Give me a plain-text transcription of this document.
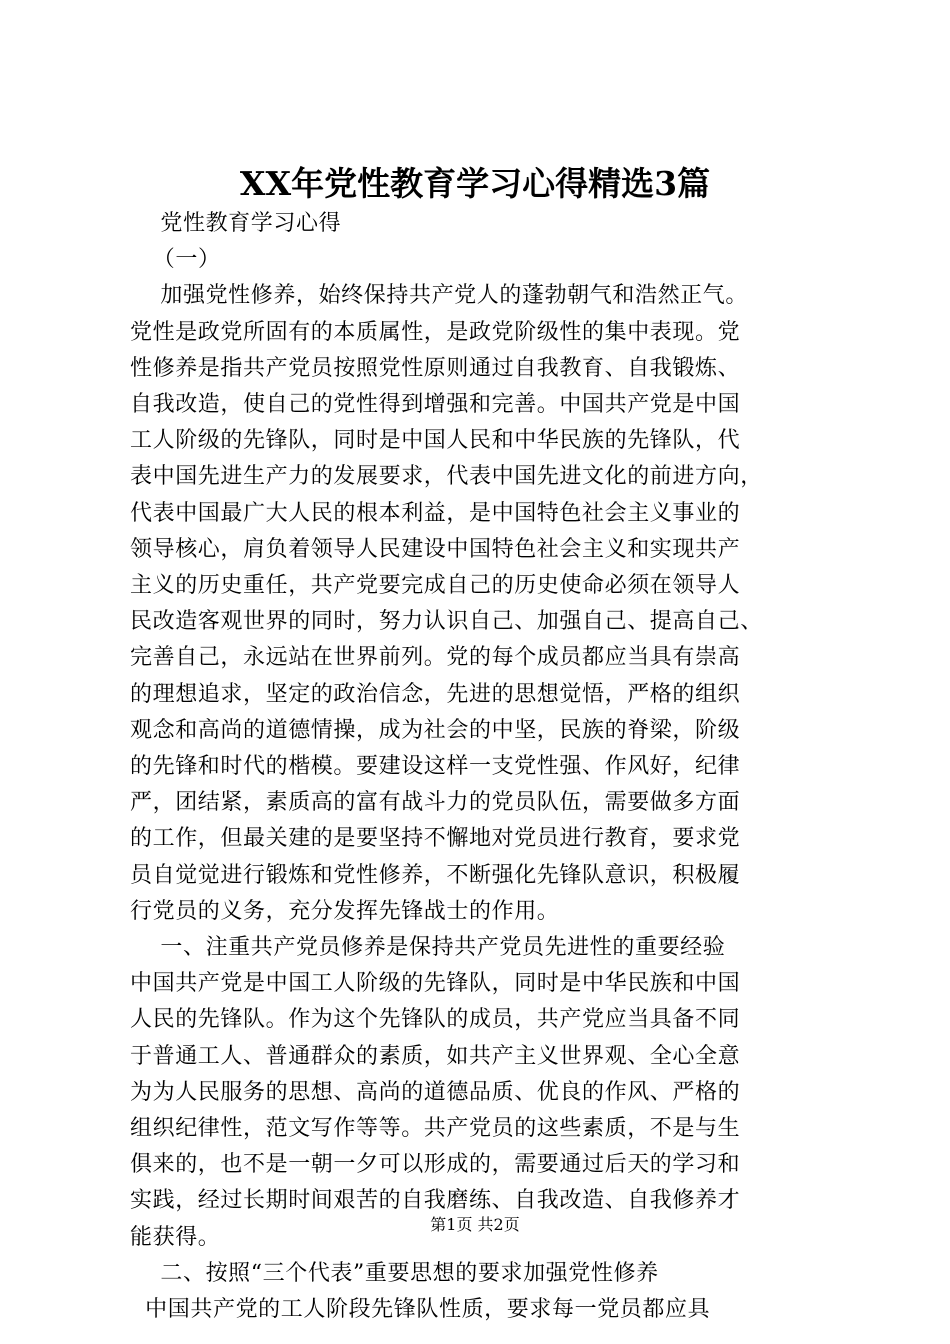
XX年党性教育学习心得精选3篇

党性教育学习心得

（一）

加强党性修养，始终保持共产党人的蓬勃朝气和浩然正气。

党性是政党所固有的本质属性，是政党阶级性的集中表现。党

性修养是指共产党员按照党性原则通过自我教育、自我锻炼、

自我改造，使自己的党性得到增强和完善。中国共产党是中国

工人阶级的先锋队，同时是中国人民和中华民族的先锋队，代

表中国先进生产力的发展要求，代表中国先进文化的前进方向，

代表中国最广大人民的根本利益，是中国特色社会主义事业的

领导核心，肩负着领导人民建设中国特色社会主义和实现共产

主义的历史重任，共产党要完成自己的历史使命必须在领导人

民改造客观世界的同时，努力认识自己、加强自己、提高自己、

完善自己，永远站在世界前列。党的每个成员都应当具有崇高

的理想追求，坚定的政治信念，先进的思想觉悟，严格的组织

观念和高尚的道德情操，成为社会的中坚，民族的脊梁，阶级

的先锋和时代的楷模。要建设这样一支党性强、作风好，纪律

严，团结紧，素质高的富有战斗力的党员队伍，需要做多方面

的工作，但最关建的是要坚持不懈地对党员进行教育，要求党

员自觉觉进行锻炼和党性修养，不断强化先锋队意识，积极履

行党员的义务，充分发挥先锋战士的作用。

一、注重共产党员修养是保持共产党员先进性的重要经验

中国共产党是中国工人阶级的先锋队，同时是中华民族和中国

人民的先锋队。作为这个先锋队的成员，共产党应当具备不同

于普通工人、普通群众的素质，如共产主义世界观、全心全意

为为人民服务的思想、高尚的道德品质、优良的作风、严格的

组织纪律性，范文写作等等。共产党员的这些素质，不是与生

俱来的，也不是一朝一夕可以形成的，需要通过后天的学习和

实践，经过长期时间艰苦的自我磨练、自我改造、自我修养才

能获得。

二、按照“三个代表”重要思想的要求加强党性修养

中国共产党的工人阶段先锋队性质，要求每一党员都应具

第1页 共2页
